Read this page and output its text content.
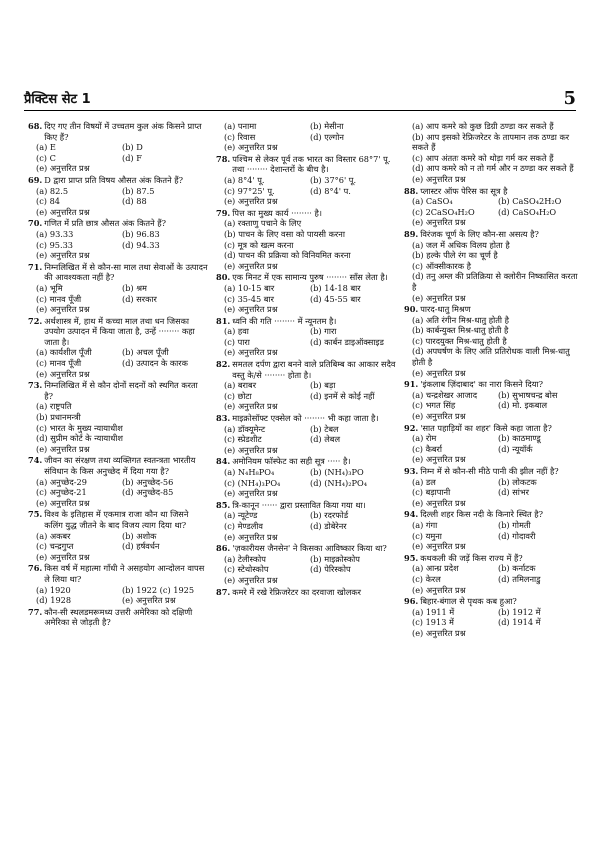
प्रैक्टिस सेट 1	5
68. दिए गए तीन विषयों में उच्चतम कुल अंक किसने प्राप्त किए हैं?
(a) E	(b) D
(c) C	(d) F
(e) अनुत्तरित प्रश्न
69. D द्वारा प्राप्त प्रति विषय औसत अंक कितने हैं?
(a) 82.5	(b) 87.5
(c) 84	(d) 88
(e) अनुत्तरित प्रश्न
70. गणित में प्रति छात्र औसत अंक कितने हैं?
(a) 93.33	(b) 96.83
(c) 95.33	(d) 94.33
(e) अनुत्तरित प्रश्न
71. निम्नलिखित में से कौन-सा माल तथा सेवाओं के उत्पादन की आवश्यकता नहीं है?
(a) भूमि	(b) श्रम
(c) मानव पूँजी	(d) सरकार
(e) अनुत्तरित प्रश्न
72. अर्थशास्त्र में, हाथ में कच्चा माल तथा धन जिसका उपयोग उत्पादन में किया जाता है, उन्हें ········ कहा जाता है।
(a) कार्यशील पूँजी	(b) अचल पूँजी
(c) मानव पूँजी	(d) उत्पादन के कारक
(e) अनुत्तरित प्रश्न
73. निम्नलिखित में से कौन दोनों सदनों को स्थगित करता है?
(a) राष्ट्रपति
(b) प्रधानमन्त्री
(c) भारत के मुख्य न्यायाधीश
(d) सुप्रीम कोर्ट के न्यायाधीश
(e) अनुत्तरित प्रश्न
74. जीवन का संरक्षण तथा व्यक्तिगत स्वतन्त्रता भारतीय संविधान के किस अनुच्छेद में दिया गया है?
(a) अनुच्छेद-29	(b) अनुच्छेद-56
(c) अनुच्छेद-21	(d) अनुच्छेद-85
(e) अनुत्तरित प्रश्न
75. विश्व के इतिहास में एकमात्र राजा कौन था जिसने कलिंग युद्ध जीतने के बाद विजय त्याग दिया था?
(a) अकबर	(b) अशोक
(c) चन्द्रगुप्त	(d) हर्षवर्धन
(e) अनुत्तरित प्रश्न
76. किस वर्ष में महात्मा गाँधी ने असहयोग आन्दोलन वापस ले लिया था?
(a) 1920	(b) 1922 (c) 1925
(d) 1928	(e) अनुत्तरित प्रश्न
77. कौन-सी स्थलडमरूमध्य उत्तरी अमेरिका को दक्षिणी अमेरिका से जोड़ती है?
(a) पनामा	(b) मेसीना
(c) रिवास	(d) एल्गोन
(e) अनुत्तरित प्रश्न
78. पश्चिम से लेकर पूर्व तक भारत का विस्तार 68°7' पू. तथा ········ देशान्तरों के बीच है।
(a) 8°4' पू.	(b) 37°6' पू.
(c) 97°25' पू.	(d) 8°4' प.
(e) अनुत्तरित प्रश्न
79. पित्त का मुख्य कार्य ········ है।
(a) रक्ताणु पचाने के लिए
(b) पाचन के लिए वसा को पायसी करना
(c) मूत्र को खत्म करना
(d) पाचन की प्रक्रिया को विनियमित करना
(e) अनुत्तरित प्रश्न
80. एक मिनट में एक सामान्य पुरुष ········ साँस लेता है।
(a) 10-15 बार	(b) 14-18 बार
(c) 35-45 बार	(d) 45-55 बार
(e) अनुत्तरित प्रश्न
81. ध्वनि की गति ········ में न्यूनतम है।
(a) हवा	(b) गारा
(c) पारा	(d) कार्बन डाइऑक्साइड
(e) अनुत्तरित प्रश्न
82. समतल दर्पण द्वारा बनने वाले प्रतिबिम्ब का आकार सदैव वस्तु के/से ········ होता है।
(a) बराबर	(b) बड़ा
(c) छोटा	(d) इनमें से कोई नहीं
(e) अनुत्तरित प्रश्न
83. माइक्रोसॉफ्ट एक्सेल को ········ भी कहा जाता है।
(a) डॉक्यूमेन्ट	(b) टेबल
(c) स्प्रेडशीट	(d) लेबल
(e) अनुत्तरित प्रश्न
84. अमोनियम फॉस्फेट का सही सूत्र ····· है।
(a) N₄H₈PO₄	(b) (NH₄)₃PO
(c) (NH₄)₃PO₄	(d) (NH₄)₂PO₄
(e) अनुत्तरित प्रश्न
85. त्रि-कानून ······ द्वारा प्रस्तावित किया गया था।
(a) न्यूटेण्ड	(b) रदरफोर्ड
(c) मेण्डलीव	(d) डोबेरेनर
(e) अनुत्तरित प्रश्न
86. 'ज़कारीयस जैनसेन' ने किसका आविष्कार किया था?
(a) टेलीस्कोप	(b) माइक्रोस्कोप
(c) स्टेथोस्कोप	(d) पेरिस्कोप
(e) अनुत्तरित प्रश्न
87. कमरे में रखे रेफ्रिजरेटर का दरवाजा खोलकर
(a) आप कमरे को कुछ डिग्री ठण्डा कर सकते हैं
(b) आप इसको रेफ्रिजरेटर के तापमान तक ठण्डा कर सकते हैं
(c) आप अंततः कमरे को थोड़ा गर्म कर सकते हैं
(d) आप कमरे को न तो गर्म और न ठण्डा कर सकते हैं
(e) अनुत्तरित प्रश्न
88. प्लास्टर ऑफ पेरिस का सूत्र है
(a) CaSO₄	(b) CaSO₄2H₂O
(c) 2CaSO₄H₂O	(d) CaSO₄H₂O
(e) अनुत्तरित प्रश्न
89. विरंजक चूर्ण के लिए कौन-सा असत्य है?
(a) जल में अधिक विलय होता है
(b) हल्के पीले रंग का चूर्ण है
(c) ऑक्सीकारक है
(d) तनु अम्ल की प्रतिक्रिया से क्लोरीन निष्कासित करता है
(e) अनुत्तरित प्रश्न
90. पारद-धातु मिश्रण
(a) अति रंगीन मिश्र-धातु होती है
(b) कार्बन्युक्त मिश्र-धातु होती है
(c) पारदयुक्त मिश्र-धातु होती है
(d) अपघर्षण के लिए अति प्रतिरोधक वाली मिश्र-धातु होती है
(e) अनुत्तरित प्रश्न
91. 'इंकलाब ज़िंदाबाद' का नारा किसने दिया?
(a) चन्द्रशेखर आजाद	(b) सुभाषचन्द्र बोस
(c) भगत सिंह	(d) मो. इकबाल
(e) अनुत्तरित प्रश्न
92. 'सात पहाड़ियों का शहर' किसे कहा जाता है?
(a) रोम	(b) काठमाण्डू
(c) कैबर्रा	(d) न्यूयॉर्क
(e) अनुत्तरित प्रश्न
93. निम्न में से कौन-सी मीठे पानी की झील नहीं है?
(a) डल	(b) लोकटक
(c) बड़ापानी	(d) सांभर
(e) अनुत्तरित प्रश्न
94. दिल्ली शहर किस नदी के किनारे स्थित है?
(a) गंगा	(b) गोमती
(c) यमुना	(d) गोदावरी
(e) अनुत्तरित प्रश्न
95. कथकली की जड़ें किस राज्य में हैं?
(a) आन्ध्र प्रदेश	(b) कर्नाटक
(c) केरल	(d) तमिलनाडु
(e) अनुत्तरित प्रश्न
96. बिहार-बंगाल से पृथक कब हुआ?
(a) 1911 में	(b) 1912 में
(c) 1913 में	(d) 1914 में
(e) अनुत्तरित प्रश्न
